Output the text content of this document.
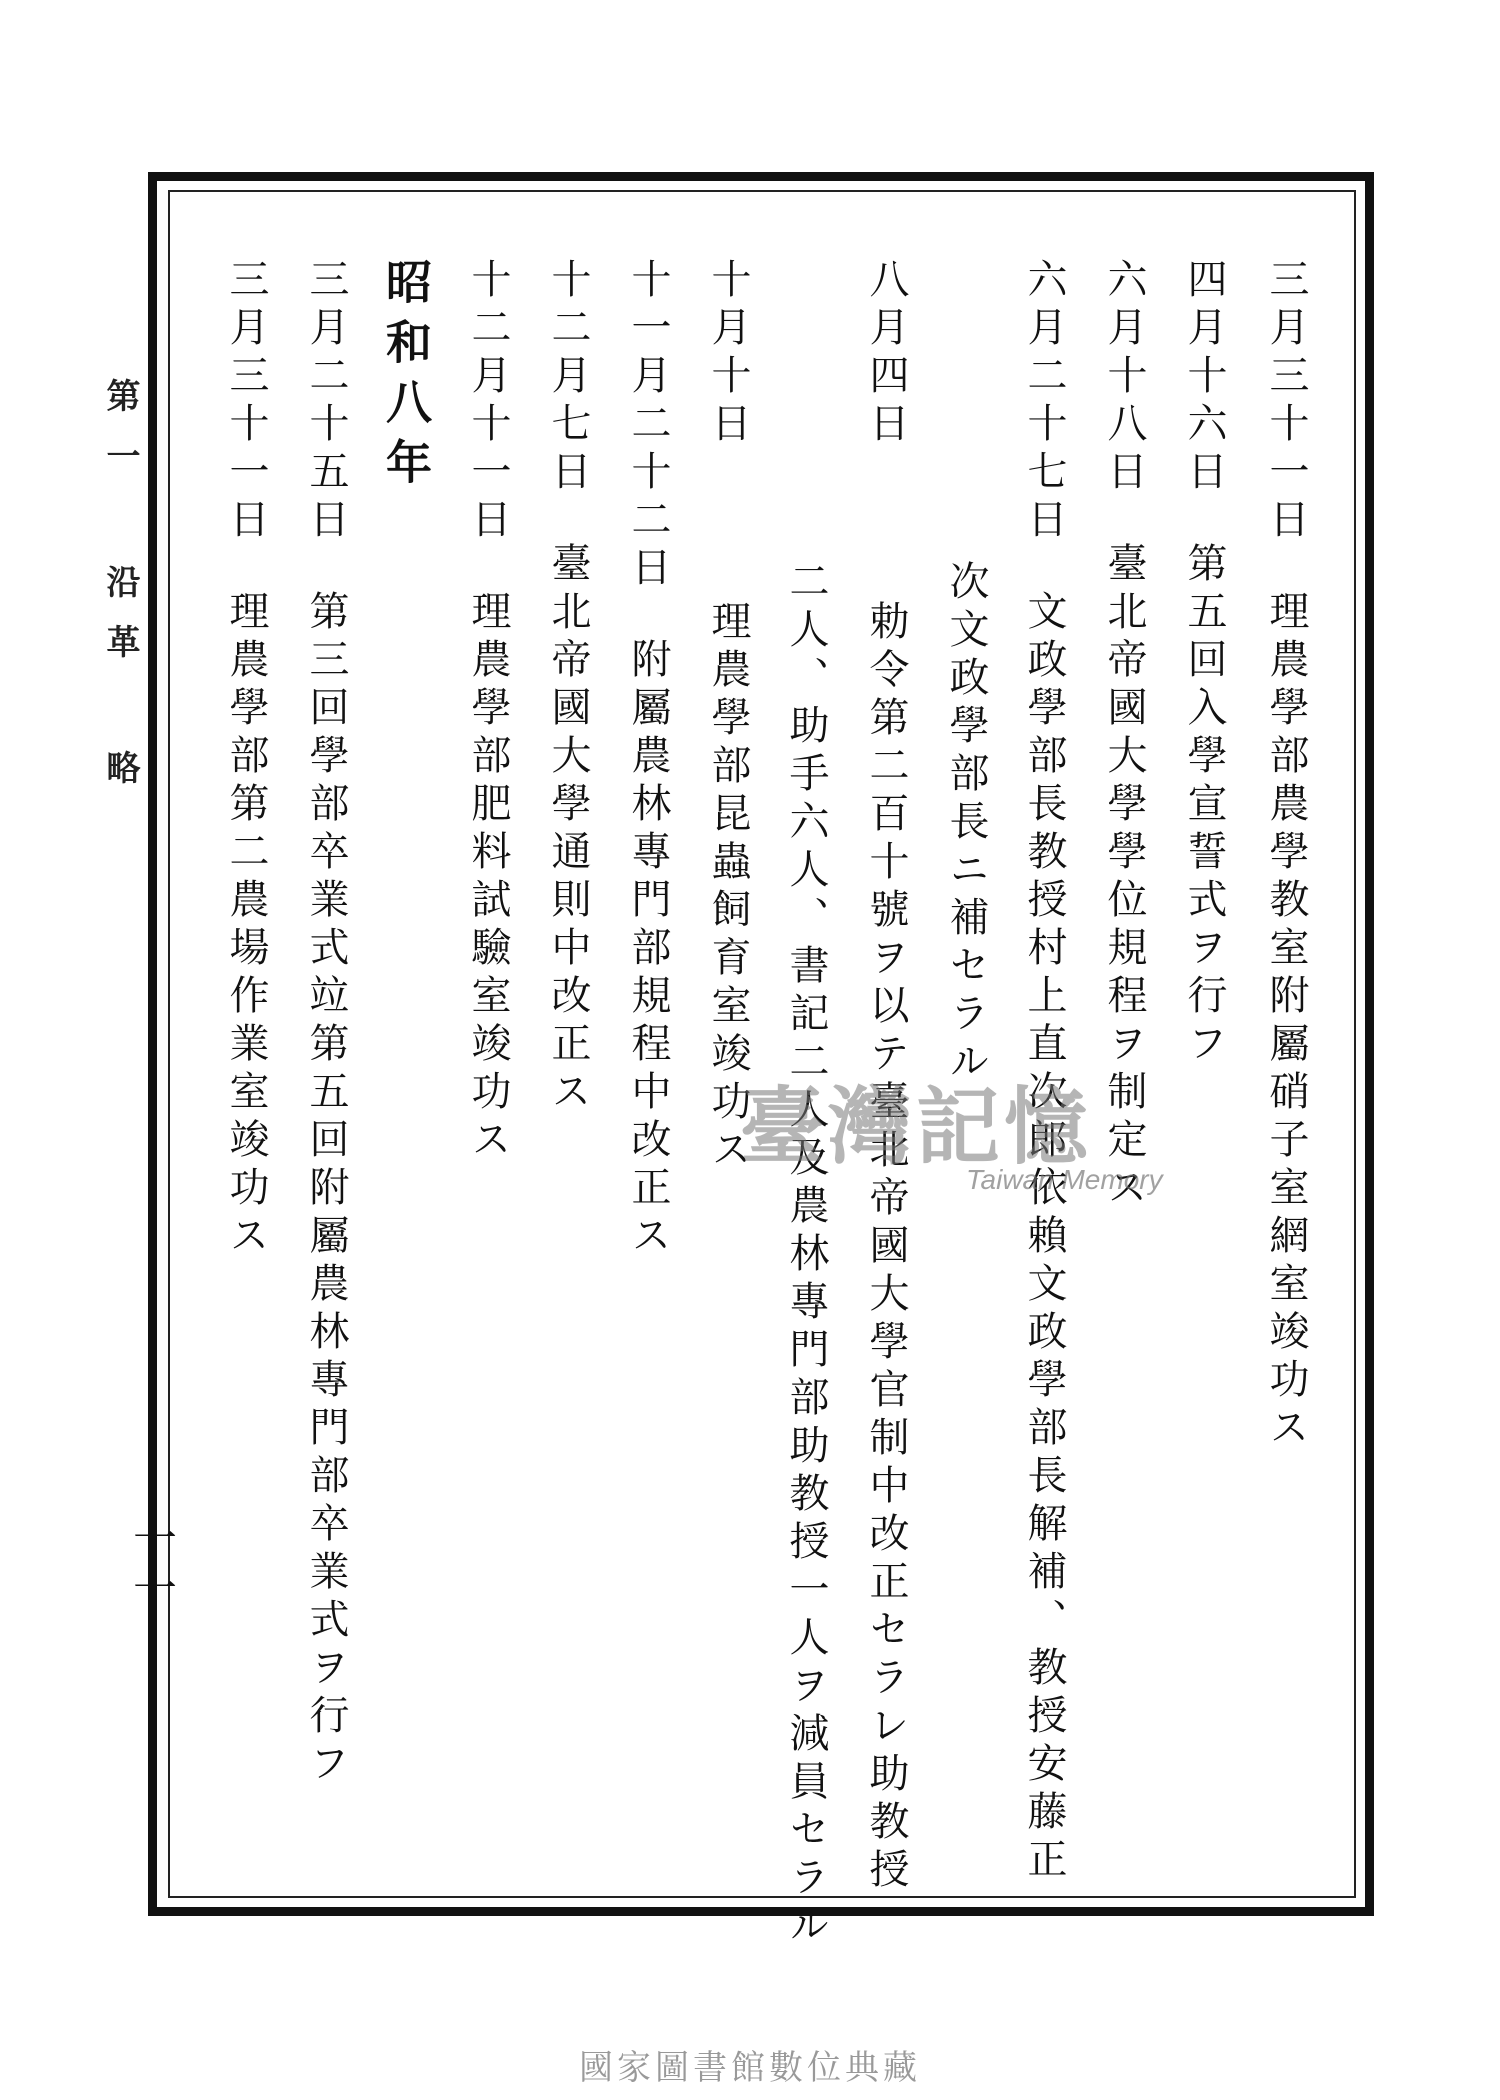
第一 沿革 略
一一
三月三十一日理農學部農學教室附屬硝子室網室竣功ス
四月十六日第五回入學宣誓式ヲ行フ
六月十八日臺北帝國大學學位規程ヲ制定ス
六月二十七日文政學部長教授村上直次郎依賴文政學部長解補、教授安藤正
次文政學部長ニ補セラル
八月四日勅令第二百十號ヲ以テ臺北帝國大學官制中改正セラレ助教授
二人、助手六人、書記二人及農林專門部助教授一人ヲ減員セラル
十月十日理農學部昆蟲飼育室竣功ス
十一月二十二日附屬農林專門部規程中改正ス
十二月七日臺北帝國大學通則中改正ス
十二月十一日理農學部肥料試驗室竣功ス
昭和八年
三月二十五日第三回學部卒業式竝第五回附屬農林專門部卒業式ヲ行フ
三月三十一日理農學部第二農場作業室竣功ス	臺灣記憶
Taiwan Memory
國家圖書館數位典藏
